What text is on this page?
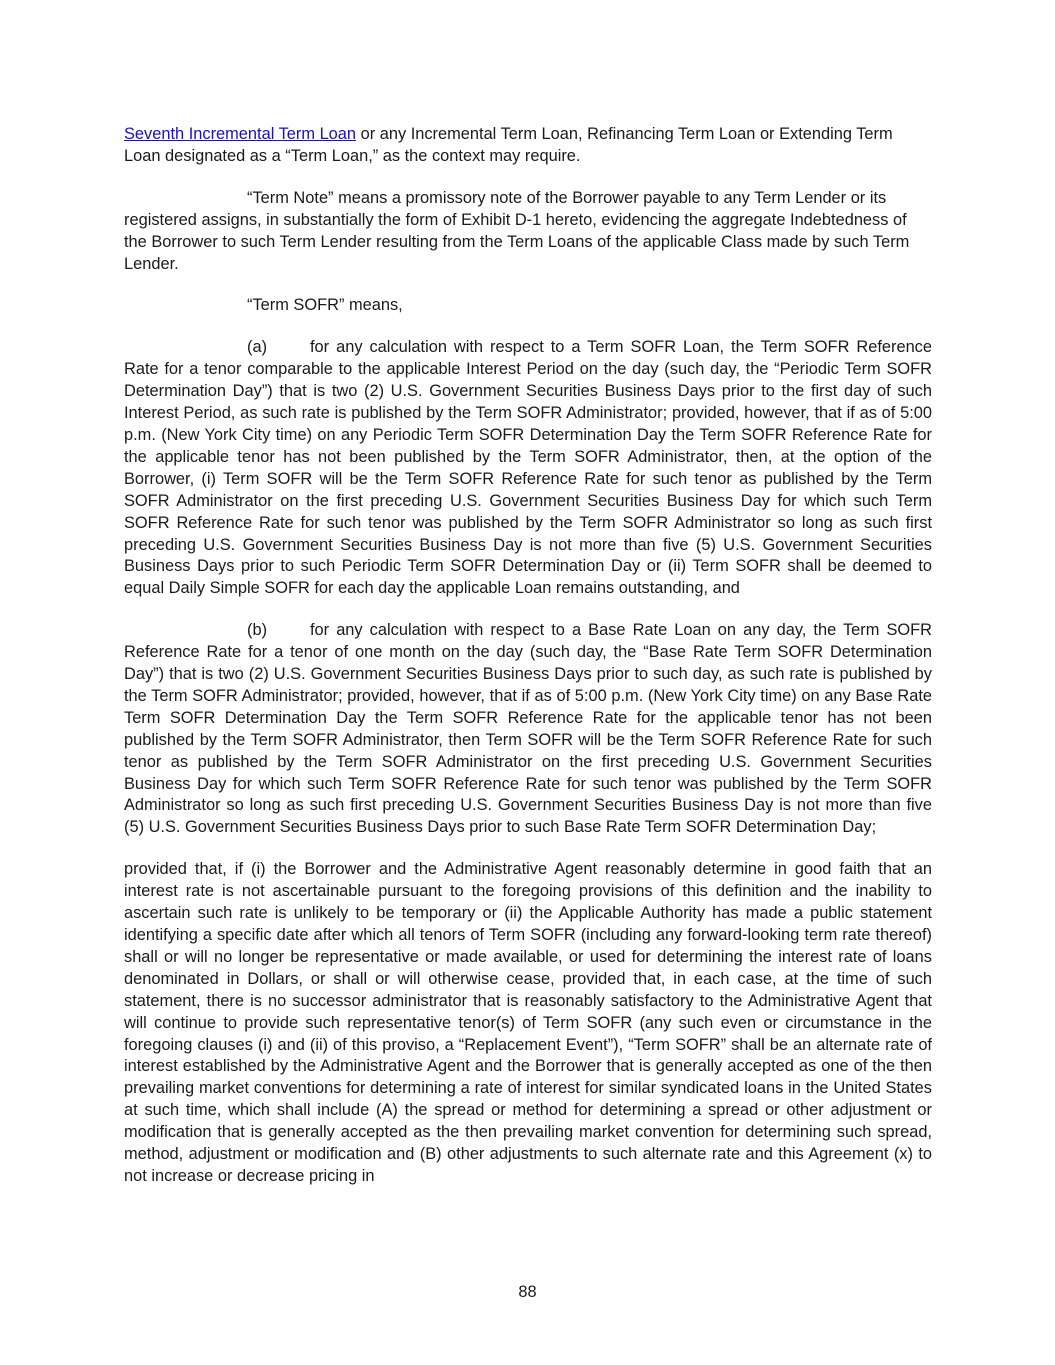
Seventh Incremental Term Loan or any Incremental Term Loan, Refinancing Term Loan or Extending Term Loan designated as a “Term Loan,” as the context may require.

“Term Note” means a promissory note of the Borrower payable to any Term Lender or its registered assigns, in substantially the form of Exhibit D-1 hereto, evidencing the aggregate Indebtedness of the Borrower to such Term Lender resulting from the Term Loans of the applicable Class made by such Term Lender.

“Term SOFR” means,

(a)	for any calculation with respect to a Term SOFR Loan, the Term SOFR Reference Rate for a tenor comparable to the applicable Interest Period on the day (such day, the “Periodic Term SOFR Determination Day”) that is two (2) U.S. Government Securities Business Days prior to the first day of such Interest Period, as such rate is published by the Term SOFR Administrator; provided, however, that if as of 5:00 p.m. (New York City time) on any Periodic Term SOFR Determination Day the Term SOFR Reference Rate for the applicable tenor has not been published by the Term SOFR Administrator, then, at the option of the Borrower, (i) Term SOFR will be the Term SOFR Reference Rate for such tenor as published by the Term SOFR Administrator on the first preceding U.S. Government Securities Business Day for which such Term SOFR Reference Rate for such tenor was published by the Term SOFR Administrator so long as such first preceding U.S. Government Securities Business Day is not more than five (5) U.S. Government Securities Business Days prior to such Periodic Term SOFR Determination Day or (ii) Term SOFR shall be deemed to equal Daily Simple SOFR for each day the applicable Loan remains outstanding, and

(b)	for any calculation with respect to a Base Rate Loan on any day, the Term SOFR Reference Rate for a tenor of one month on the day (such day, the “Base Rate Term SOFR Determination Day”) that is two (2) U.S. Government Securities Business Days prior to such day, as such rate is published by the Term SOFR Administrator; provided, however, that if as of 5:00 p.m. (New York City time) on any Base Rate Term SOFR Determination Day the Term SOFR Reference Rate for the applicable tenor has not been published by the Term SOFR Administrator, then Term SOFR will be the Term SOFR Reference Rate for such tenor as published by the Term SOFR Administrator on the first preceding U.S. Government Securities Business Day for which such Term SOFR Reference Rate for such tenor was published by the Term SOFR Administrator so long as such first preceding U.S. Government Securities Business Day is not more than five (5) U.S. Government Securities Business Days prior to such Base Rate Term SOFR Determination Day;

provided that, if (i) the Borrower and the Administrative Agent reasonably determine in good faith that an interest rate is not ascertainable pursuant to the foregoing provisions of this definition and the inability to ascertain such rate is unlikely to be temporary or (ii) the Applicable Authority has made a public statement identifying a specific date after which all tenors of Term SOFR (including any forward-looking term rate thereof) shall or will no longer be representative or made available, or used for determining the interest rate of loans denominated in Dollars, or shall or will otherwise cease, provided that, in each case, at the time of such statement, there is no successor administrator that is reasonably satisfactory to the Administrative Agent that will continue to provide such representative tenor(s) of Term SOFR (any such even or circumstance in the foregoing clauses (i) and (ii) of this proviso, a “Replacement Event”), “Term SOFR” shall be an alternate rate of interest established by the Administrative Agent and the Borrower that is generally accepted as one of the then prevailing market conventions for determining a rate of interest for similar syndicated loans in the United States at such time, which shall include (A) the spread or method for determining a spread or other adjustment or modification that is generally accepted as the then prevailing market convention for determining such spread, method, adjustment or modification and (B) other adjustments to such alternate rate and this Agreement (x) to not increase or decrease pricing in

88
